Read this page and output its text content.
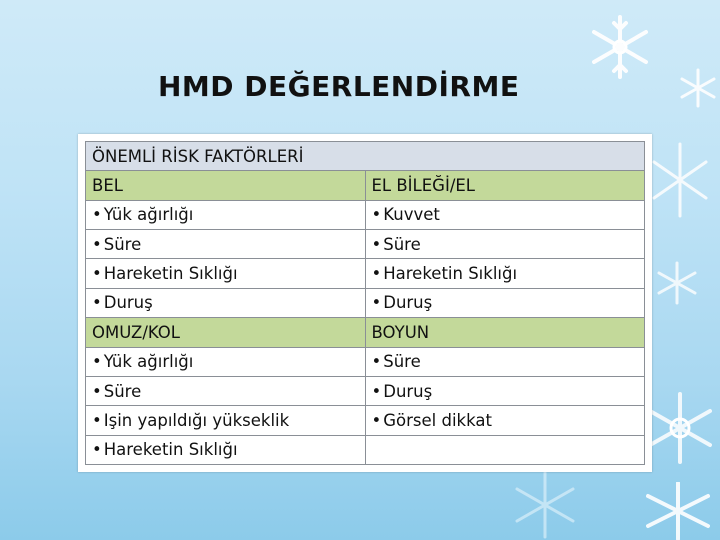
HMD DEĞERLENDİRME
ÖNEMLİ RİSK FAKTÖRLERİ	
BEL	EL BİLEĞİ/EL
• Yük ağırlığı	• Kuvvet
• Süre	• Süre
• Hareketin Sıklığı	• Hareketin Sıklığı
• Duruş	• Duruş
OMUZ/KOL	BOYUN
• Yük ağırlığı	• Süre
• Süre	• Duruş
• Işin yapıldığı yükseklik	• Görsel dikkat
• Hareketin Sıklığı	
